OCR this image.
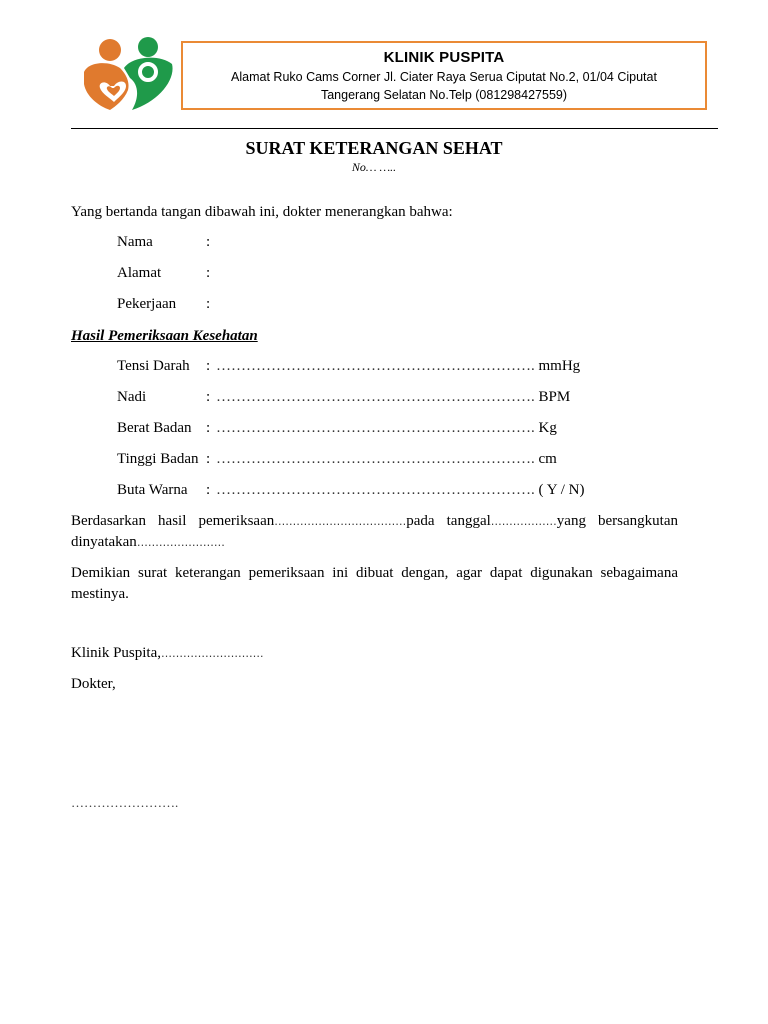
KLINIK PUSPITA
Alamat Ruko Cams Corner Jl. Ciater Raya Serua Ciputat No.2, 01/04 Ciputat
Tangerang Selatan No.Telp (081298427559)
SURAT KETERANGAN SEHAT
No… …..
Yang bertanda tangan dibawah ini, dokter menerangkan bahwa:
Nama	:
Alamat	:
Pekerjaan :
Hasil Pemeriksaan Kesehatan
Tensi Darah : ………………………………………………………. mmHg
Nadi	: ………………………………………………………. BPM
Berat Badan : ………………………………………………………. Kg
Tinggi Badan : ………………………………………………………. cm
Buta Warna : ………………………………………………………. ( Y / N)
Berdasarkan hasil pemeriksaan………………………………pada tanggal………………yang bersangkutan dinyatakan……………………
Demikian surat keterangan pemeriksaan ini dibuat dengan, agar dapat digunakan sebagaimana mestinya.
Klinik Puspita,……………………….
Dokter,
…………………….
